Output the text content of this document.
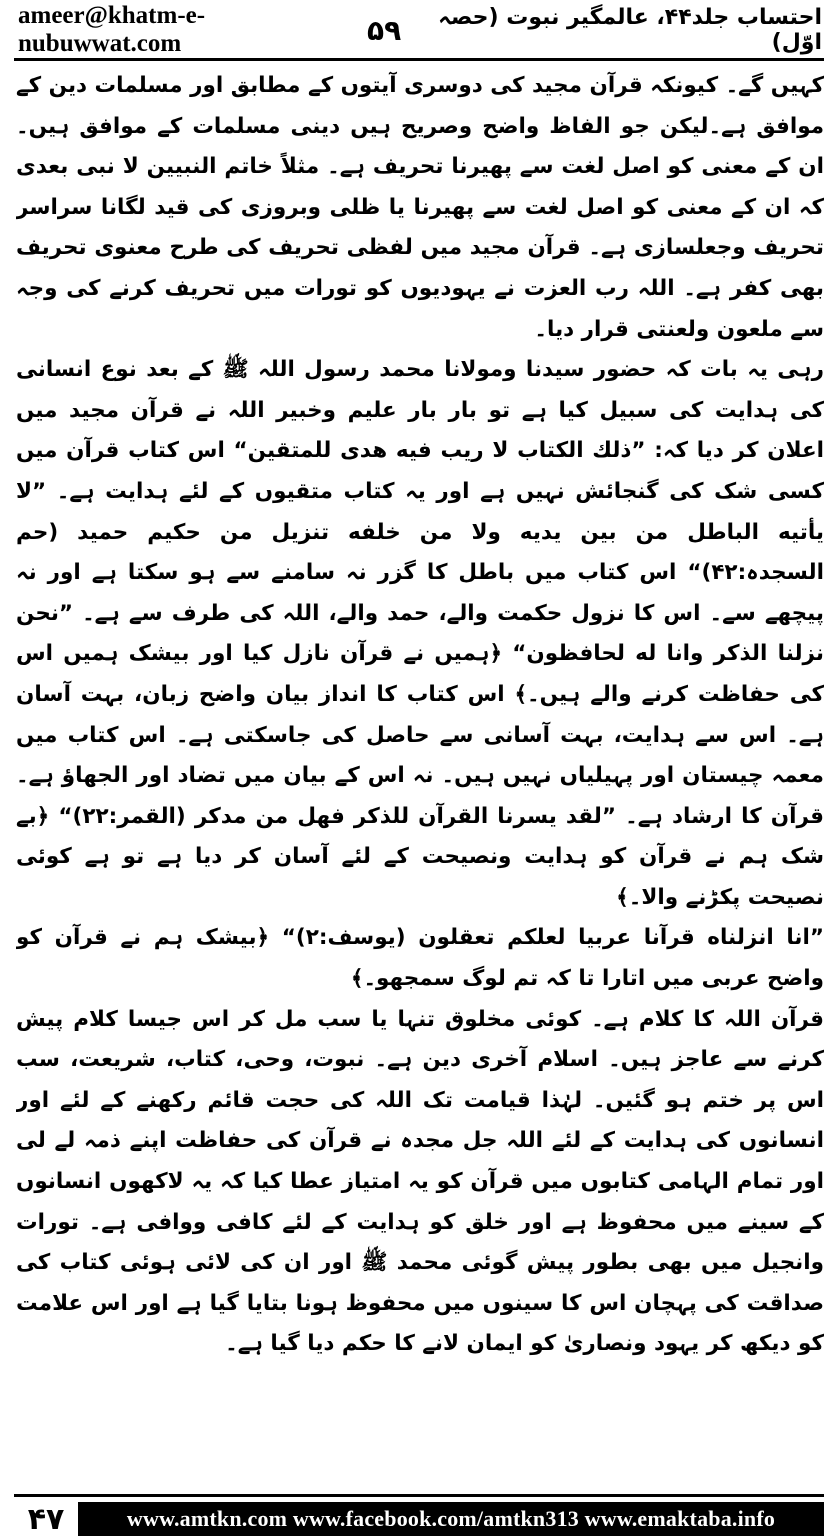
ameer@khatm-e-nubuwwat.com	۵۹	احتساب جلد۴۴، عالمگیر نبوت (حصہ اوّل)

کہیں گے۔ کیونکہ قرآن مجید کی دوسری آیتوں کے مطابق اور مسلمات دین کے موافق ہے۔لیکن جو الفاظ واضح وصریح ہیں دینی مسلمات کے موافق ہیں۔ ان کے معنی کو اصل لغت سے پھیرنا تحریف ہے۔ مثلاً خاتم النبیین لا نبی بعدی کہ ان کے معنی کو اصل لغت سے پھیرنا یا ظلی وبروزی کی قید لگانا سراسر تحریف وجعلسازی ہے۔ قرآن مجید میں لفظی تحریف کی طرح معنوی تحریف بھی کفر ہے۔ اللہ رب العزت نے یہودیوں کو تورات میں تحریف کرنے کی وجہ سے ملعون ولعنتی قرار دیا۔

رہی یہ بات کہ حضور سیدنا ومولانا محمد رسول اللہ ﷺ کے بعد نوع انسانی کی ہدایت کی سبیل کیا ہے تو بار بار علیم وخبیر اللہ نے قرآن مجید میں اعلان کر دیا کہ: ”ذلك الكتاب لا ريب فيه هدى للمتقين“ اس کتاب قرآن میں کسی شک کی گنجائش نہیں ہے اور یہ کتاب متقیوں کے لئے ہدایت ہے۔ ”لا يأتيه الباطل من بين يديه ولا من خلفه تنزيل من حكيم حميد (حم السجدہ:۴۲)“ اس کتاب میں باطل کا گزر نہ سامنے سے ہو سکتا ہے اور نہ پیچھے سے۔ اس کا نزول حکمت والے، حمد والے، اللہ کی طرف سے ہے۔ ”نحن نزلنا الذكر وانا له لحافظون“ ﴿ہمیں نے قرآن نازل کیا اور بیشک ہمیں اس کی حفاظت کرنے والے ہیں۔﴾ اس کتاب کا انداز بیان واضح زبان، بہت آسان ہے۔ اس سے ہدایت، بہت آسانی سے حاصل کی جاسکتی ہے۔ اس کتاب میں معمہ چیستان اور پہیلیاں نہیں ہیں۔ نہ اس کے بیان میں تضاد اور الجھاؤ ہے۔ قرآن کا ارشاد ہے۔ ”لقد يسرنا القرآن للذكر فهل من مدكر (القمر:۲۲)“ ﴿بے شک ہم نے قرآن کو ہدایت ونصیحت کے لئے آسان کر دیا ہے تو ہے کوئی نصیحت پکڑنے والا۔﴾

”انا انزلناه قرآنا عربيا لعلكم تعقلون (يوسف:۲)“ ﴿بیشک ہم نے قرآن کو واضح عربی میں اتارا تا کہ تم لوگ سمجھو۔﴾

قرآن اللہ کا کلام ہے۔ کوئی مخلوق تنہا یا سب مل کر اس جیسا کلام پیش کرنے سے عاجز ہیں۔ اسلام آخری دین ہے۔ نبوت، وحی، کتاب، شریعت، سب اس پر ختم ہو گئیں۔ لہٰذا قیامت تک اللہ کی حجت قائم رکھنے کے لئے اور انسانوں کی ہدایت کے لئے اللہ جل مجدہ نے قرآن کی حفاظت اپنے ذمہ لے لی اور تمام الہامی کتابوں میں قرآن کو یہ امتیاز عطا کیا کہ یہ لاکھوں انسانوں کے سینے میں محفوظ ہے اور خلق کو ہدایت کے لئے کافی ووافی ہے۔ تورات وانجیل میں بھی بطور پیش گوئی محمد ﷺ اور ان کی لائی ہوئی کتاب کی صداقت کی پہچان اس کا سینوں میں محفوظ ہونا بتایا گیا ہے اور اس علامت کو دیکھ کر یہود ونصاریٰ کو ایمان لانے کا حکم دیا گیا ہے۔

۴۷	www.amtkn.com www.facebook.com/amtkn313 www.emaktaba.info
